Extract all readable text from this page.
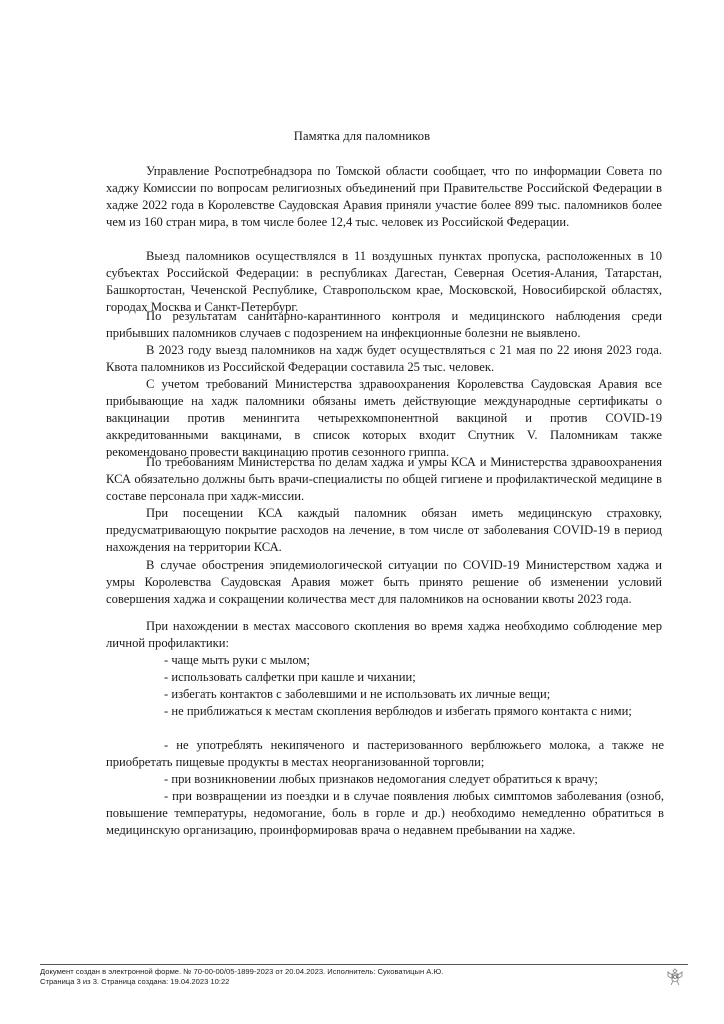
Памятка для паломников

Управление Роспотребнадзора по Томской области сообщает, что по информации Совета по хаджу Комиссии по вопросам религиозных объединений при Правительстве Российской Федерации в хадже 2022 года в Королевстве Саудовская Аравия приняли участие более 899 тыс. паломников более чем из 160 стран мира, в том числе более 12,4 тыс. человек из Российской Федерации.

Выезд паломников осуществлялся в 11 воздушных пунктах пропуска, расположенных в 10 субъектах Российской Федерации: в республиках Дагестан, Северная Осетия-Алания, Татарстан, Башкортостан, Чеченской Республике, Ставропольском крае, Московской, Новосибирской областях, городах Москва и Санкт-Петербург.

По результатам санитарно-карантинного контроля и медицинского наблюдения среди прибывших паломников случаев с подозрением на инфекционные болезни не выявлено.

В 2023 году выезд паломников на хадж будет осуществляться с 21 мая по 22 июня 2023 года. Квота паломников из Российской Федерации составила 25 тыс. человек.

С учетом требований Министерства здравоохранения Королевства Саудовская Аравия все прибывающие на хадж паломники обязаны иметь действующие международные сертификаты о вакцинации против менингита четырехкомпонентной вакциной и против COVID-19 аккредитованными вакцинами, в список которых входит Спутник V. Паломникам также рекомендовано провести вакцинацию против сезонного гриппа.

По требованиям Министерства по делам хаджа и умры КСА и Министерства здравоохранения КСА обязательно должны быть врачи-специалисты по общей гигиене и профилактической медицине в составе персонала при хадж-миссии.

При посещении КСА каждый паломник обязан иметь медицинскую страховку, предусматривающую покрытие расходов на лечение, в том числе от заболевания COVID-19 в период нахождения на территории КСА.

В случае обострения эпидемиологической ситуации по COVID-19 Министерством хаджа и умры Королевства Саудовская Аравия может быть принято решение об изменении условий совершения хаджа и сокращении количества мест для паломников на основании квоты 2023 года.

При нахождении в местах массового скопления во время хаджа необходимо соблюдение мер личной профилактики:

- чаще мыть руки с мылом;

- использовать салфетки при кашле и чихании;

- избегать контактов с заболевшими и не использовать их личные вещи;

- не приближаться к местам скопления верблюдов и избегать прямого контакта с ними;

- не употреблять некипяченого и пастеризованного верблюжьего молока, а также не приобретать пищевые продукты в местах неорганизованной торговли;

- при возникновении любых признаков недомогания следует обратиться к врачу;

- при возвращении из поездки и в случае появления любых симптомов заболевания (озноб, повышение температуры, недомогание, боль в горле и др.) необходимо немедленно обратиться в медицинскую организацию, проинформировав врача о недавнем пребывании на хадже.

Документ создан в электронной форме. № 70-00-00/05-1899-2023 от 20.04.2023. Исполнитель: Суковатицын А.Ю.
Страница 3 из 3. Страница создана: 19.04.2023 10:22
